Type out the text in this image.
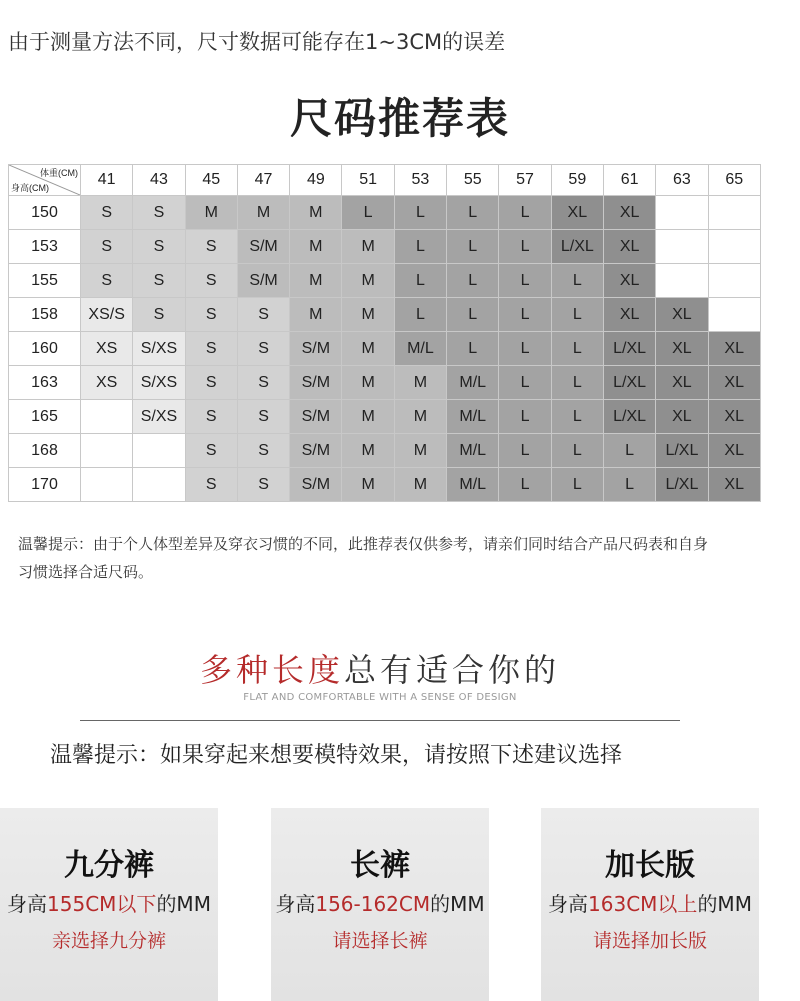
由于测量方法不同，尺寸数据可能存在1~3CM的误差
尺码推荐表
体重(CM)
身高(CM)	41	43	45	47	49	51	53	55	57	59	61	63	65
150	S	S	M	M	M	L	L	L	L	XL	XL		
153	S	S	S	S/M	M	M	L	L	L	L/XL	XL		
155	S	S	S	S/M	M	M	L	L	L	L	XL		
158	XS/S	S	S	S	M	M	L	L	L	L	XL	XL	
160	XS	S/XS	S	S	S/M	M	M/L	L	L	L	L/XL	XL	XL
163	XS	S/XS	S	S	S/M	M	M	M/L	L	L	L/XL	XL	XL
165		S/XS	S	S	S/M	M	M	M/L	L	L	L/XL	XL	XL
168			S	S	S/M	M	M	M/L	L	L	L	L/XL	XL
170			S	S	S/M	M	M	M/L	L	L	L	L/XL	XL
温馨提示：由于个人体型差异及穿衣习惯的不同，此推荐表仅供参考，请亲们同时结合产品尺码表和自身习惯选择合适尺码。
多种长度总有适合你的
FLAT AND COMFORTABLE WITH A SENSE OF DESIGN
温馨提示：如果穿起来想要模特效果，请按照下述建议选择
九分裤
身高155CM以下的MM
亲选择九分裤
长裤
身高156-162CM的MM
请选择长裤
加长版
身高163CM以上的MM
请选择加长版
